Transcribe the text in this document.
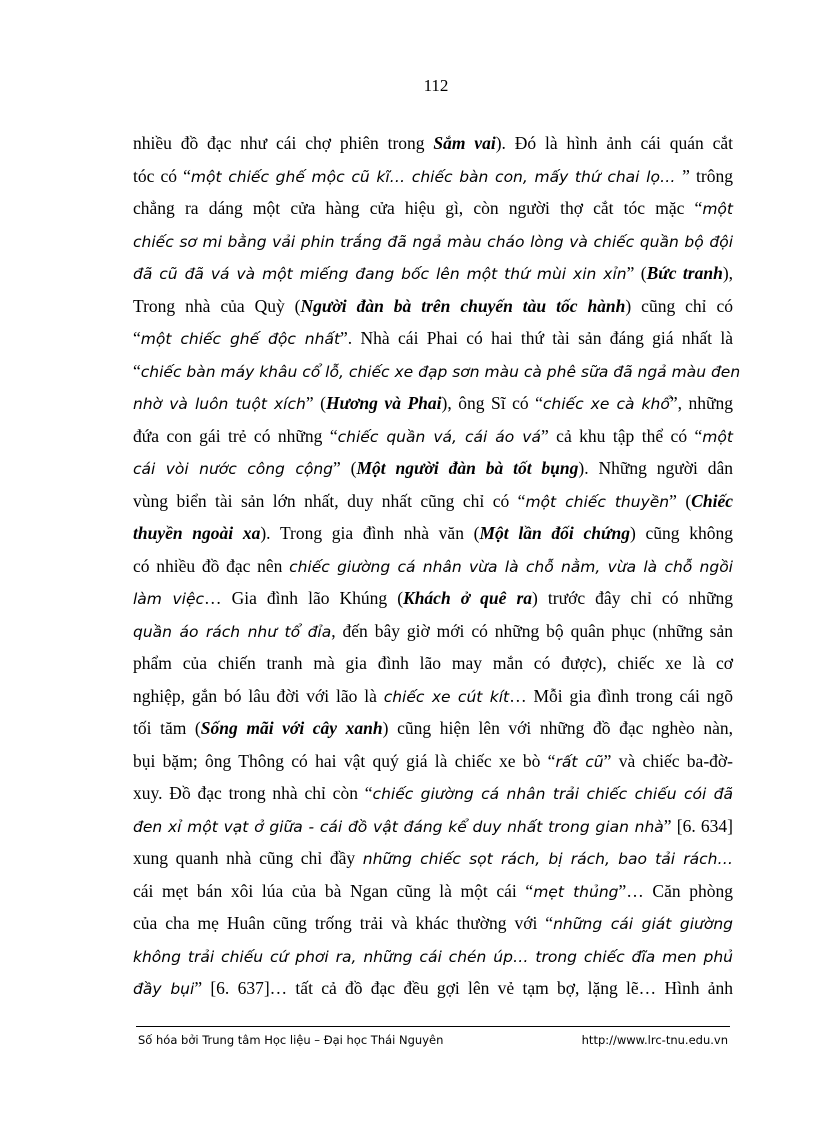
112
nhiều đồ đạc như cái chợ phiên trong Sắm vai). Đó là hình ảnh cái quán cắt
tóc có “một chiếc ghế mộc cũ kĩ… chiếc bàn con, mấy thứ chai lọ… ” trông
chẳng ra dáng một cửa hàng cửa hiệu gì, còn người thợ cắt tóc mặc “một
chiếc sơ mi bằng vải phin trắng đã ngả màu cháo lòng và chiếc quần bộ đội
đã cũ đã vá và một miếng đang bốc lên một thứ mùi xin xỉn” (Bức tranh),
Trong nhà của Quỳ (Người đàn bà trên chuyến tàu tốc hành) cũng chỉ có
“một chiếc ghế độc nhất”. Nhà cái Phai có hai thứ tài sản đáng giá nhất là
“chiếc bàn máy khâu cổ lỗ, chiếc xe đạp sơn màu cà phê sữa đã ngả màu đen
nhờ và luôn tuột xích” (Hương và Phai), ông Sĩ có “chiếc xe cà khổ”, những
đứa con gái trẻ có những “chiếc quần vá, cái áo vá” cả khu tập thể có “một
cái vòi nước công cộng” (Một người đàn bà tốt bụng). Những người dân
vùng biển tài sản lớn nhất, duy nhất cũng chỉ có “một chiếc thuyền” (Chiếc
thuyền ngoài xa). Trong gia đình nhà văn (Một lần đối chứng) cũng không
có nhiều đồ đạc nên chiếc giường cá nhân vừa là chỗ nằm, vừa là chỗ ngồi
làm việc… Gia đình lão Khúng (Khách ở quê ra) trước đây chỉ có những
quần áo rách như tổ đỉa, đến bây giờ mới có những bộ quân phục (những sản
phẩm của chiến tranh mà gia đình lão may mắn có được), chiếc xe là cơ
nghiệp, gắn bó lâu đời với lão là chiếc xe cút kít… Mỗi gia đình trong cái ngõ
tối tăm (Sống mãi với cây xanh) cũng hiện lên với những đồ đạc nghèo nàn,
bụi bặm; ông Thông có hai vật quý giá là chiếc xe bò “rất cũ” và chiếc ba-đờ-
xuy. Đồ đạc trong nhà chỉ còn “chiếc giường cá nhân trải chiếc chiếu cói đã
đen xỉ một vạt ở giữa - cái đồ vật đáng kể duy nhất trong gian nhà” [6. 634]
xung quanh nhà cũng chỉ đầy những chiếc sọt rách, bị rách, bao tải rách…
cái mẹt bán xôi lúa của bà Ngan cũng là một cái “mẹt thủng”… Căn phòng
của cha mẹ Huân cũng trống trải và khác thường với “những cái giát giường
không trải chiếu cứ phơi ra, những cái chén úp… trong chiếc đĩa men phủ
đầy bụi” [6. 637]… tất cả đồ đạc đều gợi lên vẻ tạm bợ, lặng lẽ… Hình ảnh
Số hóa bởi Trung tâm Học liệu – Đại học Thái Nguyên	http://www.lrc-tnu.edu.vn
